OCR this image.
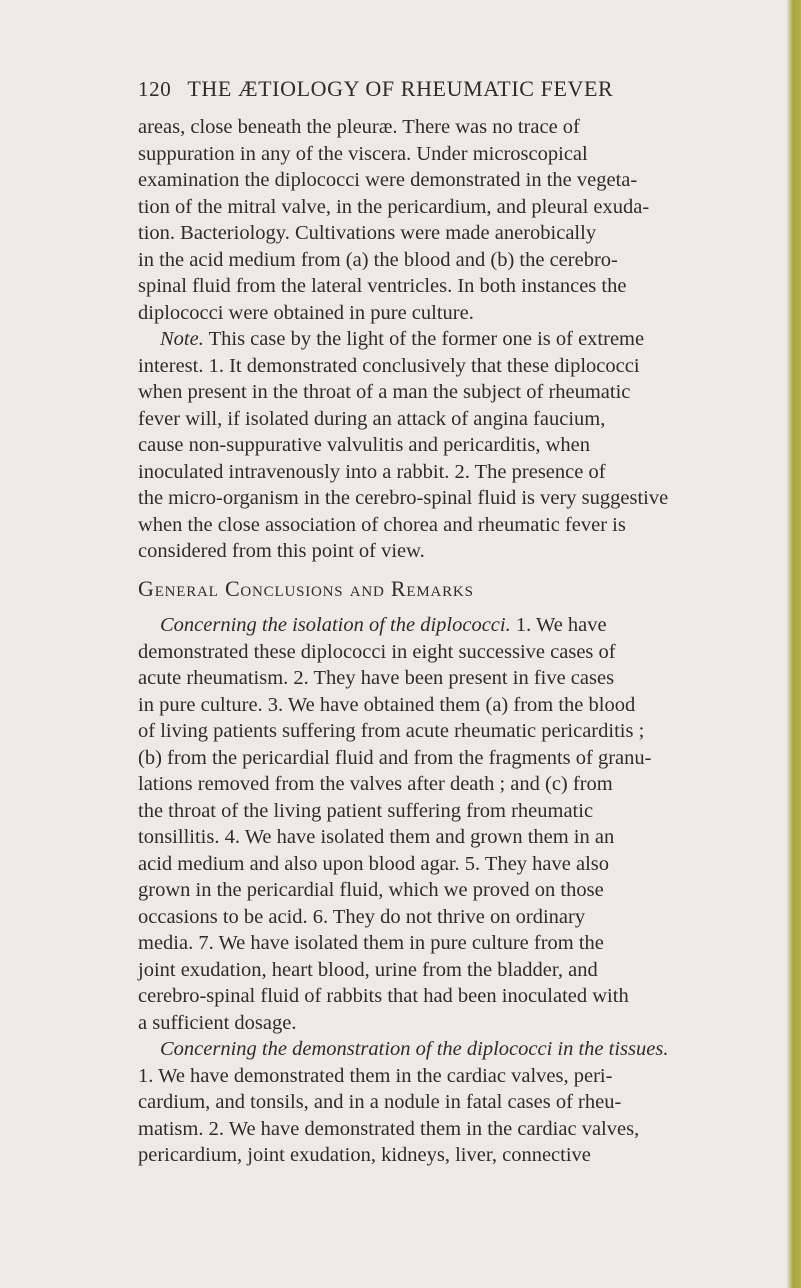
120 THE ÆTIOLOGY OF RHEUMATIC FEVER
areas, close beneath the pleuræ. There was no trace of
suppuration in any of the viscera. Under microscopical
examination the diplococci were demonstrated in the vegeta-
tion of the mitral valve, in the pericardium, and pleural exuda-
tion. Bacteriology. Cultivations were made anerobically
in the acid medium from (a) the blood and (b) the cerebro-
spinal fluid from the lateral ventricles. In both instances the
diplococci were obtained in pure culture.
Note. This case by the light of the former one is of extreme
interest. 1. It demonstrated conclusively that these diplococci
when present in the throat of a man the subject of rheumatic
fever will, if isolated during an attack of angina faucium,
cause non-suppurative valvulitis and pericarditis, when
inoculated intravenously into a rabbit. 2. The presence of
the micro-organism in the cerebro-spinal fluid is very suggestive
when the close association of chorea and rheumatic fever is
considered from this point of view.
General Conclusions and Remarks
Concerning the isolation of the diplococci. 1. We have
demonstrated these diplococci in eight successive cases of
acute rheumatism. 2. They have been present in five cases
in pure culture. 3. We have obtained them (a) from the blood
of living patients suffering from acute rheumatic pericarditis ;
(b) from the pericardial fluid and from the fragments of granu-
lations removed from the valves after death ; and (c) from
the throat of the living patient suffering from rheumatic
tonsillitis. 4. We have isolated them and grown them in an
acid medium and also upon blood agar. 5. They have also
grown in the pericardial fluid, which we proved on those
occasions to be acid. 6. They do not thrive on ordinary
media. 7. We have isolated them in pure culture from the
joint exudation, heart blood, urine from the bladder, and
cerebro-spinal fluid of rabbits that had been inoculated with
a sufficient dosage.
Concerning the demonstration of the diplococci in the tissues.
1. We have demonstrated them in the cardiac valves, peri-
cardium, and tonsils, and in a nodule in fatal cases of rheu-
matism. 2. We have demonstrated them in the cardiac valves,
pericardium, joint exudation, kidneys, liver, connective
